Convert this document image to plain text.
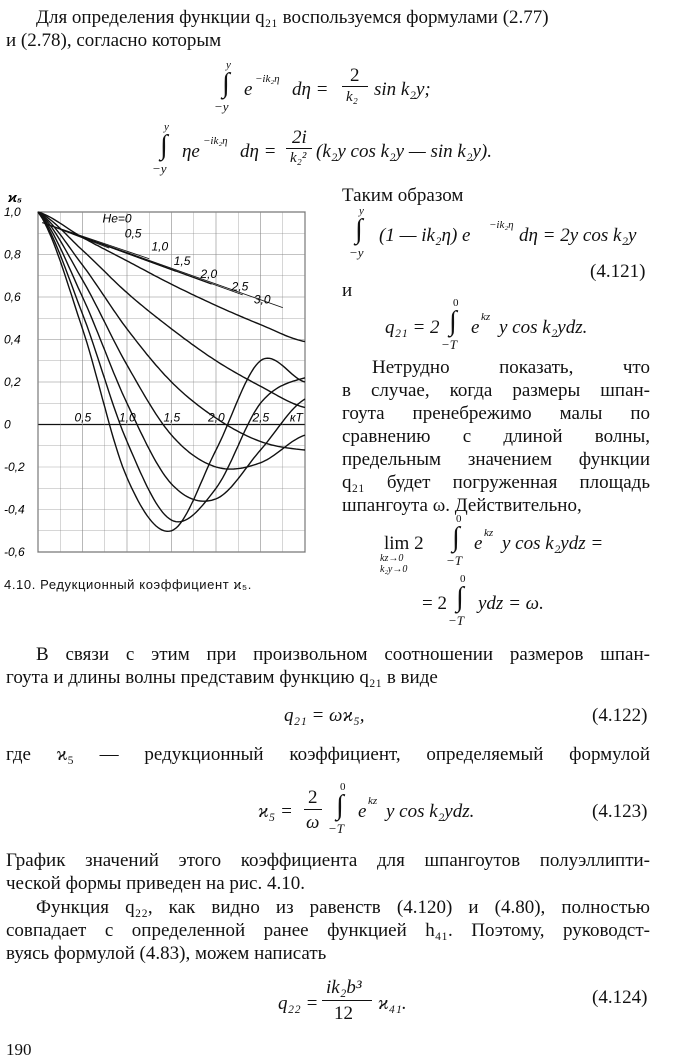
Для определения функции q₂₁ воспользуемся формулами (2.77)
и (2.78), согласно которым
y
∫
−y
e −ik₂η dη =
2
k₂ sin k₂y;
y
∫
−y
ηe −ik₂η dη =
2i
k₂² (k₂y cos k₂y — sin k₂y).
1,0
0,8
0,6
0,4
0,2
0
-0,2
-0,4
-0,6
0,5 1,0 1,5 2,0 2,5 кТ
He=0
0,5
1,0
1,5
2,0
2,5
3,0
ϰ₅
4.10. Редукционный коэффициент ϰ₅.
Таким образом
y
∫
−y
(1 — ik₂η) e −ik₂η dη = 2y cos k₂y
(4.121)
и
q₂₁ = 2
0
∫
−T
e kz y cos k₂ydz.
Нетрудно показать, что
в случае, когда размеры шпан-
гоута пренебрежимо малы по
сравнению с длиной волны,
предельным значением функции
q₂₁ будет погруженная площадь
шпангоута ω. Действительно,
lim 2
kz→0
k₂y→0
0
∫
−T
e kz y cos k₂ydz =
= 2
0
∫
−T
ydz = ω.
В связи с этим при произвольном соотношении размеров шпан-
гоута и длины волны представим функцию q₂₁ в виде
q₂₁ = ωϰ₅,	(4.122)
где ϰ₅ — редукционный коэффициент, определяемый формулой
ϰ₅ =
2
ω
0
∫
−T
e kz y cos k₂ydz.	(4.123)
График значений этого коэффициента для шпангоутов полуэллипти-
ческой формы приведен на рис. 4.10.
Функция q₂₂, как видно из равенств (4.120) и (4.80), полностью
совпадает с определенной ранее функцией h₄₁. Поэтому, руководст-
вуясь формулой (4.83), можем написать
q₂₂ =
ik₂b³
12 ϰ₄₁.	(4.124)
190
